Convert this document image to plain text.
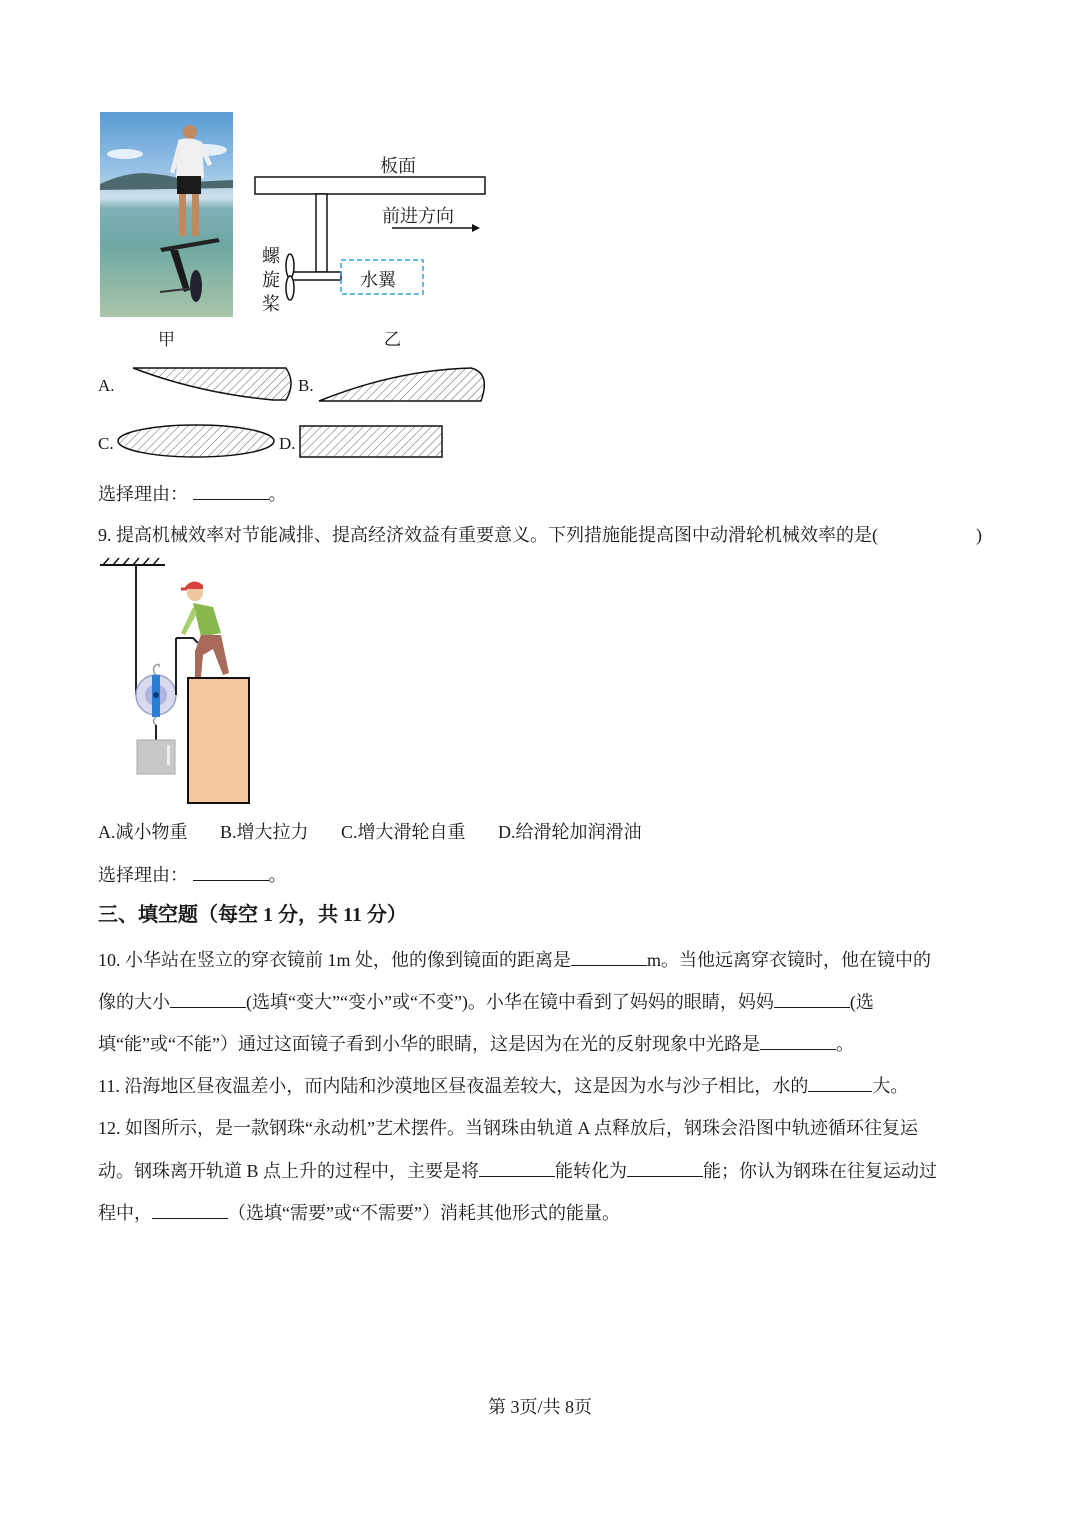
甲
板面
前进方向
螺
旋
桨
水翼
乙
A.	B.
C.	D.
选择理由：	。
9. 提高机械效率对节能减排、提高经济效益有重要意义。下列措施能提高图中动滑轮机械效率的是(	)
A.减小物重 B.增大拉力 C.增大滑轮自重 D.给滑轮加润滑油
选择理由：	。
三、填空题（每空 1 分，共 11 分）
10. 小华站在竖立的穿衣镜前 1m 处，他的像到镜面的距离是	m。当他远离穿衣镜时，他在镜中的
像的大小	(选填“变大”“变小”或“不变”)。小华在镜中看到了妈妈的眼睛，妈妈	(选
填“能”或“不能”）通过这面镜子看到小华的眼睛，这是因为在光的反射现象中光路是	。
11. 沿海地区昼夜温差小，而内陆和沙漠地区昼夜温差较大，这是因为水与沙子相比，水的	大。
12. 如图所示，是一款钢珠“永动机”艺术摆件。当钢珠由轨道 A 点释放后，钢珠会沿图中轨迹循环往复运
动。钢珠离开轨道 B 点上升的过程中，主要是将	能转化为	能；你认为钢珠在往复运动过
程中，	（选填“需要”或“不需要”）消耗其他形式的能量。
第 3页/共 8页
